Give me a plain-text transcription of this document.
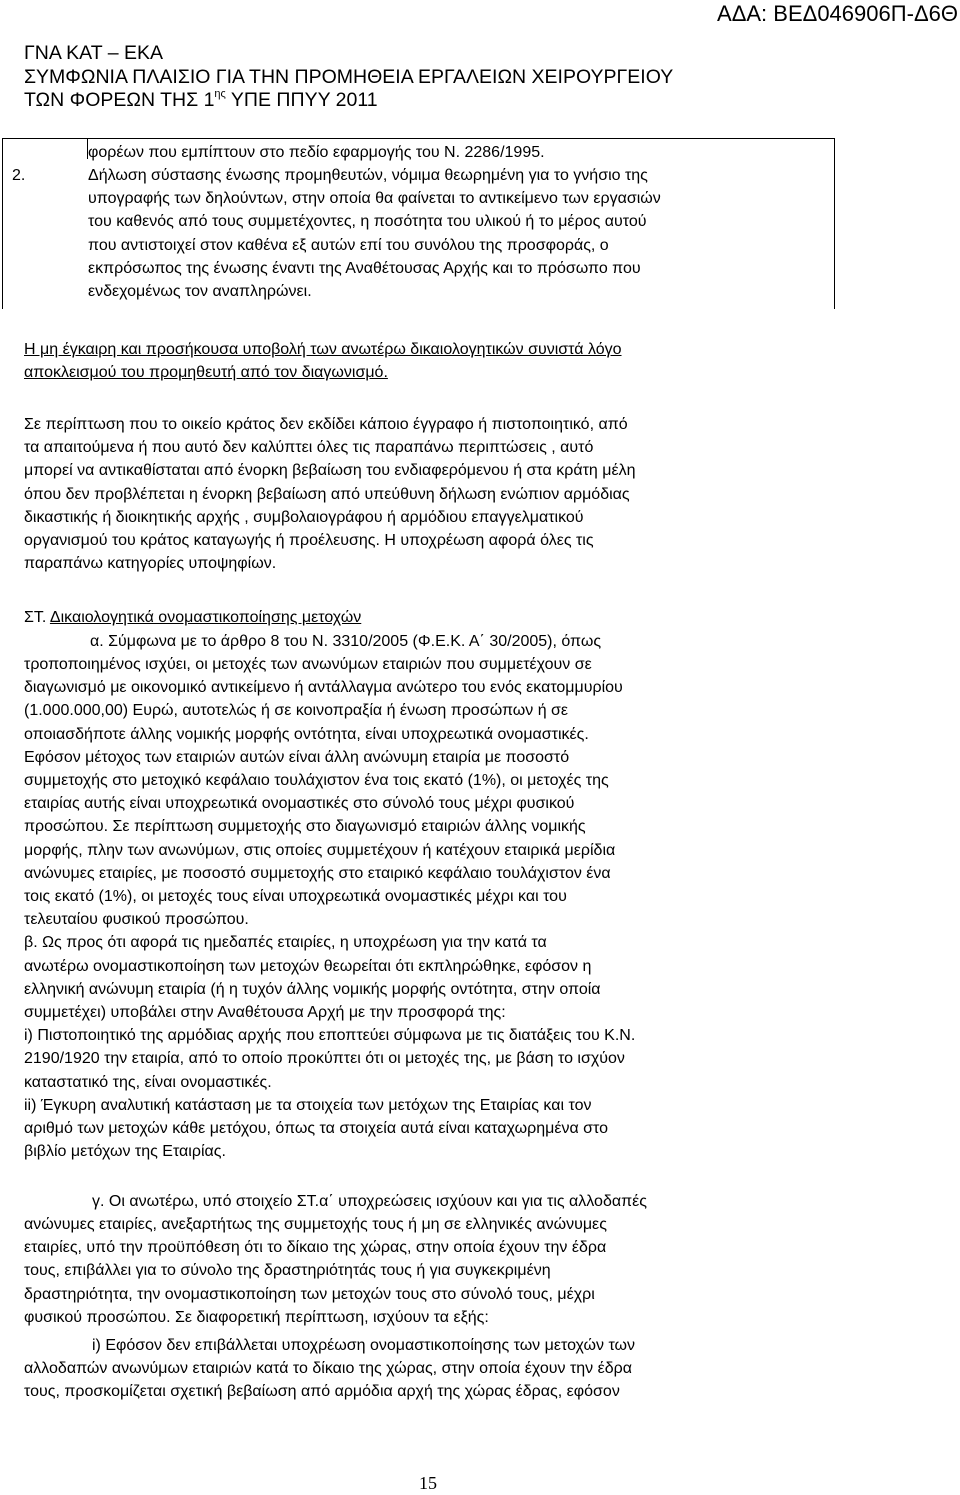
ΑΔΑ: ΒΕΔ046906Π-Δ6Θ
ΓΝΑ ΚΑΤ – ΕΚΑ
ΣΥΜΦΩΝΙΑ ΠΛΑΙΣΙΟ ΓΙΑ ΤΗΝ ΠΡΟΜΗΘΕΙΑ ΕΡΓΑΛΕΙΩΝ ΧΕΙΡΟΥΡΓΕΙΟΥ
ΤΩΝ ΦΟΡΕΩΝ ΤΗΣ $1^{\eta\varsigma}$ ΥΠΕ ΠΠΥΥ 2011
φορέων που εμπίπτουν στο πεδίο εφαρμογής του Ν. 2286/1995.
2.	Δήλωση σύστασης ένωσης προμηθευτών, νόμιμα θεωρημένη για το γνήσιο της
υπογραφής των δηλούντων, στην οποία θα φαίνεται το αντικείμενο των εργασιών
του καθενός από τους συμμετέχοντες, η ποσότητα του υλικού ή το μέρος αυτού
που αντιστοιχεί στον καθένα εξ αυτών επί του συνόλου της προσφοράς, ο
εκπρόσωπος της ένωσης έναντι της Αναθέτουσας Αρχής και το πρόσωπο που
ενδεχομένως τον αναπληρώνει.
Η μη έγκαιρη και προσήκουσα υποβολή των ανωτέρω δικαιολογητικών συνιστά λόγο
αποκλεισμού του προμηθευτή από τον διαγωνισμό.
Σε περίπτωση που το οικείο κράτος δεν εκδίδει κάποιο έγγραφο ή πιστοποιητικό, από
τα απαιτούμενα ή που αυτό δεν καλύπτει όλες τις παραπάνω περιπτώσεις , αυτό
μπορεί να αντικαθίσταται από ένορκη βεβαίωση του ενδιαφερόμενου ή στα κράτη μέλη
όπου δεν προβλέπεται η ένορκη βεβαίωση από υπεύθυνη δήλωση ενώπιον αρμόδιας
δικαστικής ή διοικητικής αρχής , συμβολαιογράφου ή αρμόδιου επαγγελματικού
οργανισμού του κράτος καταγωγής ή προέλευσης. Η υποχρέωση αφορά όλες τις
παραπάνω κατηγορίες υποψηφίων.
ΣΤ. Δικαιολογητικά ονομαστικοποίησης μετοχών
α. Σύμφωνα με το άρθρο 8 του Ν. 3310/2005 (Φ.Ε.Κ. Α΄ 30/2005), όπως
τροποποιημένος ισχύει, οι μετοχές των ανωνύμων εταιριών που συμμετέχουν σε
διαγωνισμό με οικονομικό αντικείμενο ή αντάλλαγμα ανώτερο του ενός εκατομμυρίου
(1.000.000,00) Ευρώ, αυτοτελώς ή σε κοινοπραξία ή ένωση προσώπων ή σε
οποιασδήποτε άλλης νομικής μορφής οντότητα, είναι υποχρεωτικά ονομαστικές.
Εφόσον μέτοχος των εταιριών αυτών είναι άλλη ανώνυμη εταιρία με ποσοστό
συμμετοχής στο μετοχικό κεφάλαιο τουλάχιστον ένα τοις εκατό (1%), οι μετοχές της
εταιρίας αυτής είναι υποχρεωτικά ονομαστικές στο σύνολό τους μέχρι φυσικού
προσώπου. Σε περίπτωση συμμετοχής στο διαγωνισμό εταιριών άλλης νομικής
μορφής, πλην των ανωνύμων, στις οποίες συμμετέχουν ή κατέχουν εταιρικά μερίδια
ανώνυμες εταιρίες, με ποσοστό συμμετοχής στο εταιρικό κεφάλαιο τουλάχιστον ένα
τοις εκατό (1%), οι μετοχές τους είναι υποχρεωτικά ονομαστικές μέχρι και του
τελευταίου φυσικού προσώπου.
β. Ως προς ότι αφορά τις ημεδαπές εταιρίες, η υποχρέωση για την κατά τα
ανωτέρω ονομαστικοποίηση των μετοχών θεωρείται ότι εκπληρώθηκε, εφόσον η
ελληνική ανώνυμη εταιρία (ή η τυχόν άλλης νομικής μορφής οντότητα, στην οποία
συμμετέχει) υποβάλει στην Αναθέτουσα Αρχή με την προσφορά της:
i) Πιστοποιητικό της αρμόδιας αρχής που εποπτεύει σύμφωνα με τις διατάξεις του Κ.Ν.
2190/1920 την εταιρία, από το οποίο προκύπτει ότι οι μετοχές της, με βάση το ισχύον
καταστατικό της, είναι ονομαστικές.
ii) Έγκυρη αναλυτική κατάσταση με τα στοιχεία των μετόχων της Εταιρίας και τον
αριθμό των μετοχών κάθε μετόχου, όπως τα στοιχεία αυτά είναι καταχωρημένα στο
βιβλίο μετόχων της Εταιρίας.
γ. Οι ανωτέρω, υπό στοιχείο ΣΤ.α΄ υποχρεώσεις ισχύουν και για τις αλλοδαπές
ανώνυμες εταιρίες, ανεξαρτήτως της συμμετοχής τους ή μη σε ελληνικές ανώνυμες
εταιρίες, υπό την προϋπόθεση ότι το δίκαιο της χώρας, στην οποία έχουν την έδρα
τους, επιβάλλει για το σύνολο της δραστηριότητάς τους ή για συγκεκριμένη
δραστηριότητα, την ονομαστικοποίηση των μετοχών τους στο σύνολό τους, μέχρι
φυσικού προσώπου. Σε διαφορετική περίπτωση, ισχύουν τα εξής:
i) Εφόσον δεν επιβάλλεται υποχρέωση ονομαστικοποίησης των μετοχών των
αλλοδαπών ανωνύμων εταιριών κατά το δίκαιο της χώρας, στην οποία έχουν την έδρα
τους, προσκομίζεται σχετική βεβαίωση από αρμόδια αρχή της χώρας έδρας, εφόσον
15
